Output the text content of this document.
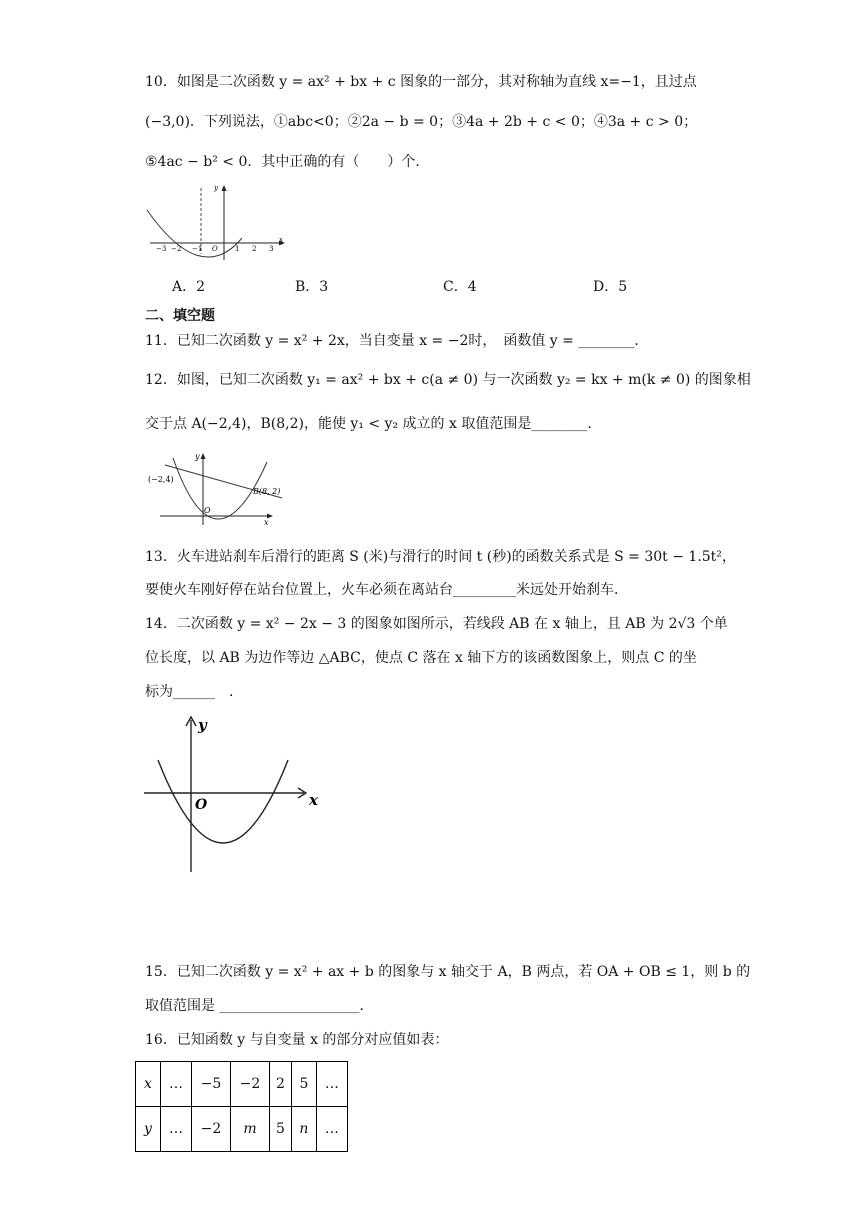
10．如图是二次函数 y = ax² + bx + c 图象的一部分，其对称轴为直线 x=−1，且过点
(−3,0)．下列说法，①abc<0；②2a − b = 0；③4a + 2b + c < 0；④3a + c > 0；
⑤4ac − b² < 0．其中正确的有（　　）个．
−3 −2 −1 O 1 2 3
x
y
A．2	B．3	C．4	D．5
二、填空题
11．已知二次函数 y = x² + 2x，当自变量 x = −2时，　函数值 y = ________．
12．如图，已知二次函数 y₁ = ax² + bx + c(a ≠ 0) 与一次函数 y₂ = kx + m(k ≠ 0) 的图象相
交于点 A(−2,4)，B(8,2)，能使 y₁ < y₂ 成立的 x 取值范围是________．
(−2,4)
B(8, 2)
O
x
y
13．火车进站刹车后滑行的距离 S (米)与滑行的时间 t (秒)的函数关系式是 S = 30t − 1.5t²，
要使火车刚好停在站台位置上，火车必须在离站台_________米远处开始刹车．
14．二次函数 y = x² − 2x − 3 的图象如图所示，若线段 AB 在 x 轴上，且 AB 为 2√3 个单
位长度，以 AB 为边作等边 △ABC，使点 C 落在 x 轴下方的该函数图象上，则点 C 的坐
标为______　．
O	x
y
15．已知二次函数 y = x² + ax + b 的图象与 x 轴交于 A，B 两点，若 OA + OB ≤ 1，则 b 的
取值范围是 ____________________．
16．已知函数 y 与自变量 x 的部分对应值如表：
x	…	−5	−2	2	5	…
y	…	−2	m	5	n	…
